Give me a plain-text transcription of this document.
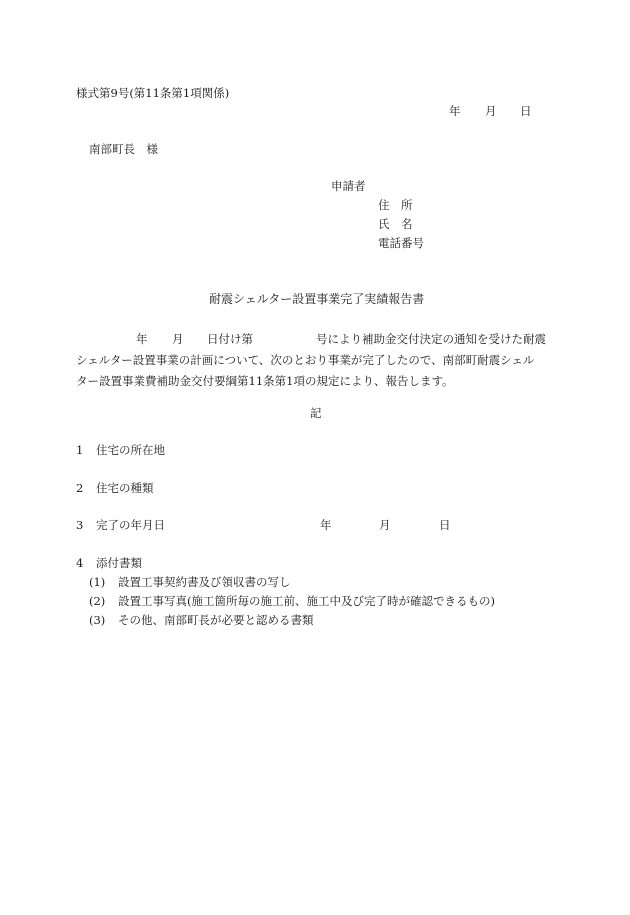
様式第9号(第11条第1項関係)
年 月 日
南部町長　様
申請者
住　所
氏　名
電話番号
耐震シェルター設置事業完了実績報告書
年 月 日付け第	号により補助金交付決定の通知を受けた耐震

シェルター設置事業の計画について、次のとおり事業が完了したので、南部町耐震シェル
ター設置事業費補助金交付要綱第11条第1項の規定により、報告します。
記
1 住宅の所在地
2 住宅の種類
3 完了の年月日	年	月	日
4 添付書類
(1) 設置工事契約書及び領収書の写し
(2) 設置工事写真(施工箇所毎の施工前、施工中及び完了時が確認できるもの)
(3) その他、南部町長が必要と認める書類
